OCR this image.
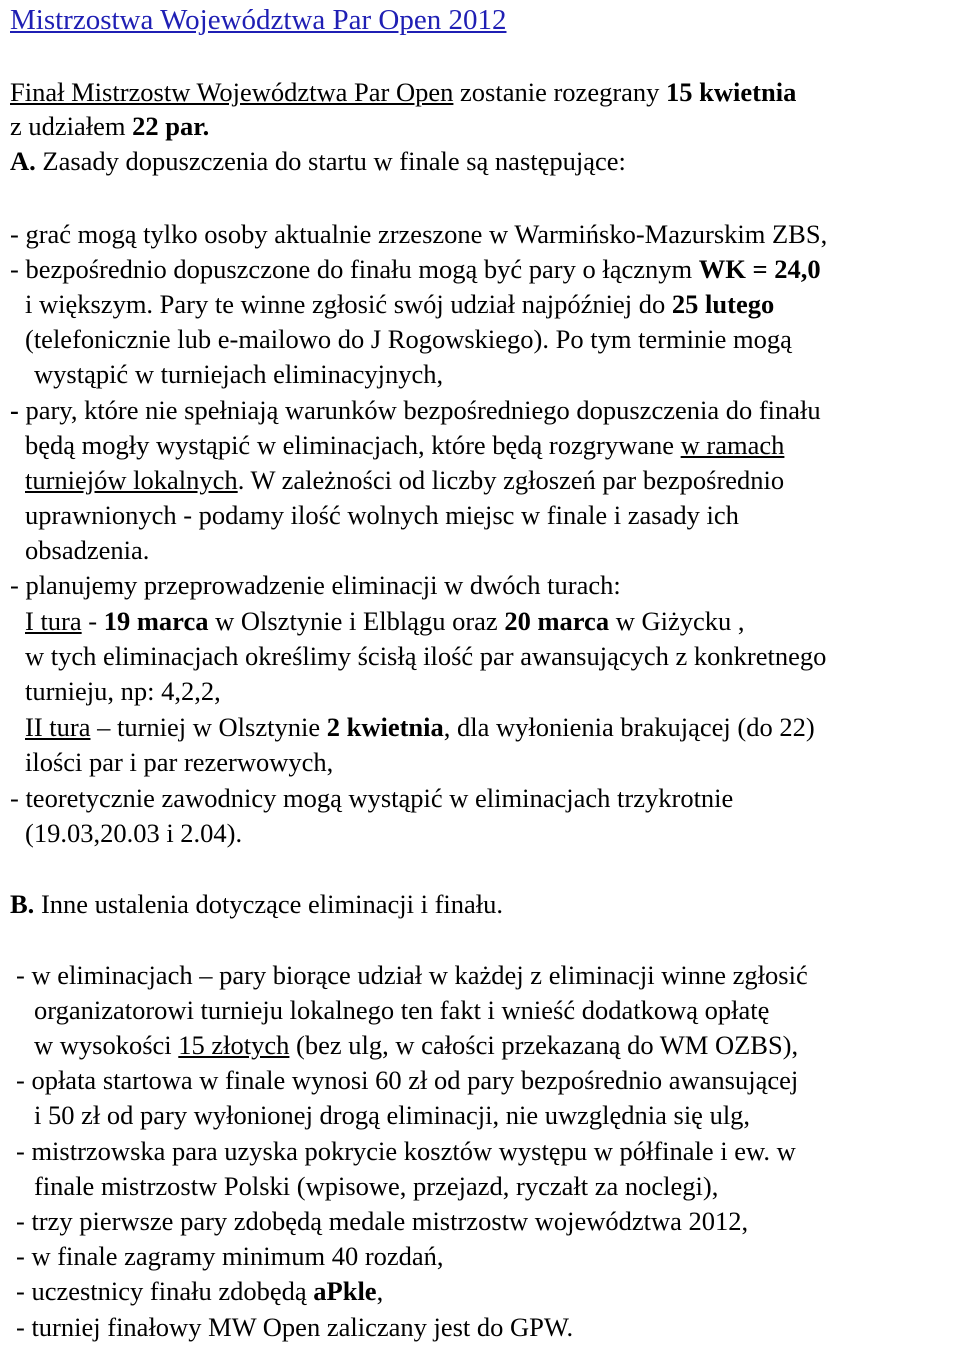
Mistrzostwa Województwa Par Open 2012
Finał Mistrzostw Województwa Par Open zostanie rozegrany 15 kwietnia
z udziałem 22 par.
A. Zasady dopuszczenia do startu w finale są następujące:
- grać mogą tylko osoby aktualnie zrzeszone w Warmińsko-Mazurskim ZBS,
- bezpośrednio dopuszczone do finału mogą być pary o łącznym WK = 24,0
i większym. Pary te winne zgłosić swój udział najpóźniej do 25 lutego
(telefonicznie lub e-mailowo do J Rogowskiego). Po tym terminie mogą
wystąpić w turniejach eliminacyjnych,
- pary, które nie spełniają warunków bezpośredniego dopuszczenia do finału
będą mogły wystąpić w eliminacjach, które będą rozgrywane w ramach
turniejów lokalnych. W zależności od liczby zgłoszeń par bezpośrednio
uprawnionych - podamy ilość wolnych miejsc w finale i zasady ich
obsadzenia.
- planujemy przeprowadzenie eliminacji w dwóch turach:
I tura - 19 marca w Olsztynie i Elblągu oraz 20 marca w Giżycku ,
w tych eliminacjach określimy ścisłą ilość par awansujących z konkretnego
turnieju, np: 4,2,2,
II tura – turniej w Olsztynie 2 kwietnia, dla wyłonienia brakującej (do 22)
ilości par i par rezerwowych,
- teoretycznie zawodnicy mogą wystąpić w eliminacjach trzykrotnie
(19.03,20.03 i 2.04).
B. Inne ustalenia dotyczące eliminacji i finału.
- w eliminacjach – pary biorące udział w każdej z eliminacji winne zgłosić
organizatorowi turnieju lokalnego ten fakt i wnieść dodatkową opłatę
w wysokości 15 złotych (bez ulg, w całości przekazaną do WM OZBS),
- opłata startowa w finale wynosi 60 zł od pary bezpośrednio awansującej
i 50 zł od pary wyłonionej drogą eliminacji, nie uwzględnia się ulg,
- mistrzowska para uzyska pokrycie kosztów występu w półfinale i ew. w
finale mistrzostw Polski (wpisowe, przejazd, ryczałt za noclegi),
- trzy pierwsze pary zdobędą medale mistrzostw województwa 2012,
- w finale zagramy minimum 40 rozdań,
- uczestnicy finału zdobędą aPkle,
- turniej finałowy MW Open zaliczany jest do GPW.
